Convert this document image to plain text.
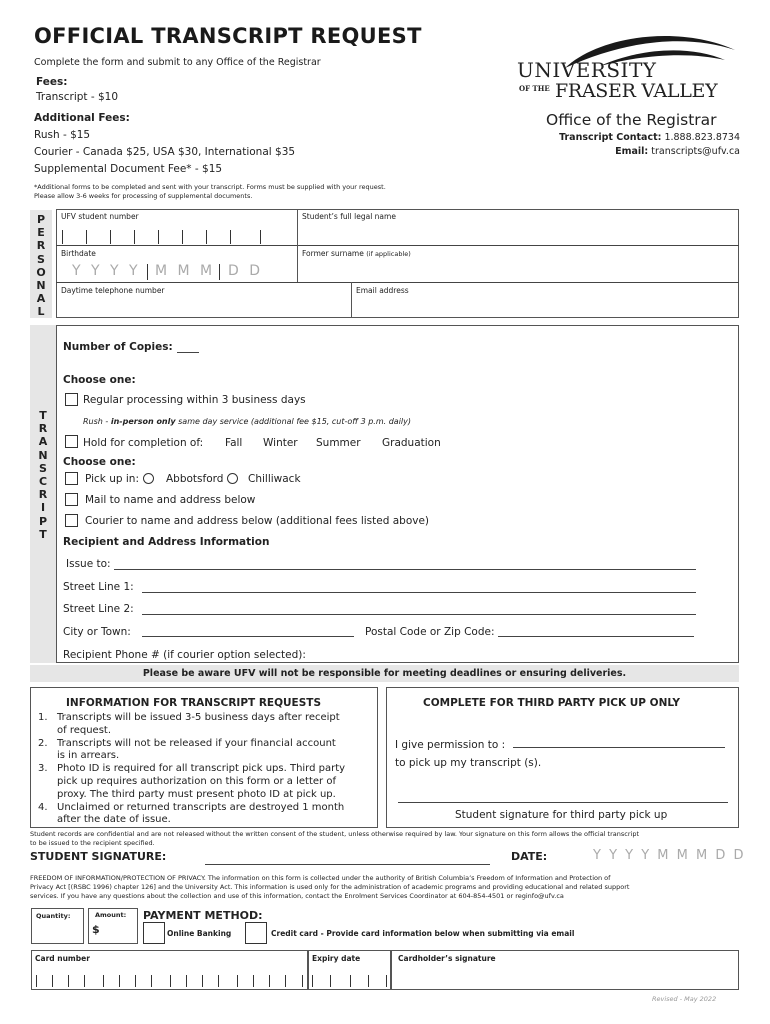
OFFICIAL TRANSCRIPT REQUEST
Complete the form and submit to any Office of the Registrar
Fees:
Transcript - $10
Additional Fees:
Rush - $15
Courier - Canada $25, USA $30, International $35
Supplemental Document Fee* - $15
*Additional forms to be completed and sent with your transcript. Forms must be supplied with your request.
Please allow 3-6 weeks for processing of supplemental documents.
UNIVERSITY
OF THE FRASER VALLEY
Office of the Registrar
Transcript Contact: 1.888.823.8734
Email: transcripts@ufv.ca
P
E
R
S
O
N
A
L
UFV student number	Student’s full legal name
Birthdate
Y Y Y Y M M M D D
Former surname (if applicable)
Daytime telephone number	Email address
T
R
A
N
S
C
R
I
P
T
Number of Copies:
Choose one:
Regular processing within 3 business days
Rush - in-person only same day service (additional fee $15, cut-off 3 p.m. daily)
Hold for completion of: Fall Winter Summer Graduation
Choose one:
Pick up in:	Abbotsford Chilliwack
Mail to name and address below
Courier to name and address below (additional fees listed above)
Recipient and Address Information
Issue to:
Street Line 1:
Street Line 2:
City or Town:	Postal Code or Zip Code:
Recipient Phone # (if courier option selected):
Please be aware UFV will not be responsible for meeting deadlines or ensuring deliveries.
INFORMATION FOR TRANSCRIPT REQUESTS
1. Transcripts will be issued 3-5 business days after receipt
of request.
2. Transcripts will not be released if your financial account
is in arrears.
3. Photo ID is required for all transcript pick ups. Third party
pick up requires authorization on this form or a letter of
proxy. The third party must present photo ID at pick up.
4. Unclaimed or returned transcripts are destroyed 1 month
after the date of issue.
COMPLETE FOR THIRD PARTY PICK UP ONLY
I give permission to :
to pick up my transcript (s).
Student signature for third party pick up
Student records are confidential and are not released without the written consent of the student, unless otherwise required by law. Your signature on this form allows the official transcript
to be issued to the recipient specified.
STUDENT SIGNATURE:	DATE:	Y Y Y Y M M M D D
FREEDOM OF INFORMATION/PROTECTION OF PRIVACY. The information on this form is collected under the authority of British Columbia’s Freedom of Information and Protection of
Privacy Act [(RSBC 1996) chapter 126] and the University Act. This information is used only for the administration of academic programs and providing educational and related support
services. If you have any questions about the collection and use of this information, contact the Enrolment Services Coordinator at 604-854-4501 or reginfo@ufv.ca
Quantity:	Amount:
$
PAYMENT METHOD:
Online Banking	Credit card - Provide card information below when submitting via email
Card number	Expiry date	Cardholder’s signature
Revised - May 2022
